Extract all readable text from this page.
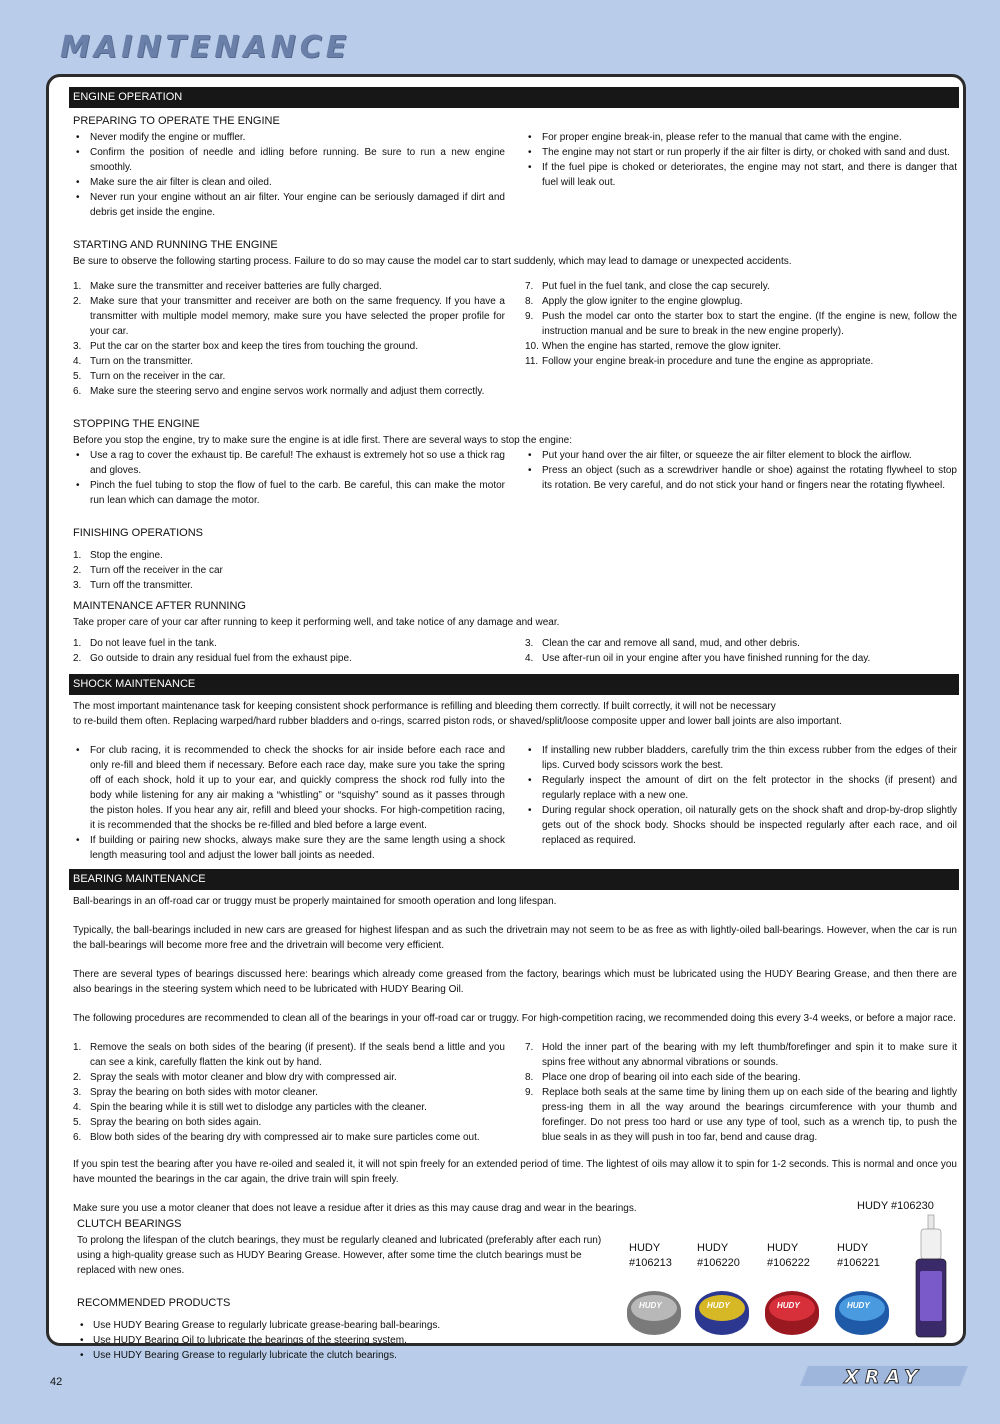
MAINTENANCE
ENGINE OPERATION
PREPARING TO OPERATE THE ENGINE
• Never modify the engine or muffler.
• Confirm the position of needle and idling before running. Be sure to run a new engine smoothly.
• Make sure the air filter is clean and oiled.
• Never run your engine without an air filter. Your engine can be seriously damaged if dirt and debris get inside the engine.
• For proper engine break-in, please refer to the manual that came with the engine.
• The engine may not start or run properly if the air filter is dirty, or choked with sand and dust.
• If the fuel pipe is choked or deteriorates, the engine may not start, and there is danger that fuel will leak out.
STARTING AND RUNNING THE ENGINE

Be sure to observe the following starting process. Failure to do so may cause the model car to start suddenly, which may lead to damage or unexpected accidents.

1. Make sure the transmitter and receiver batteries are fully charged.
2. Make sure that your transmitter and receiver are both on the same frequency. If you have a transmitter with multiple model memory, make sure you have selected the proper profile for your car.
3. Put the car on the starter box and keep the tires from touching the ground.
4. Turn on the transmitter.
5. Turn on the receiver in the car.
6. Make sure the steering servo and engine servos work normally and adjust them correctly.
7. Put fuel in the fuel tank, and close the cap securely.
8. Apply the glow igniter to the engine glowplug.
9. Push the model car onto the starter box to start the engine. (If the engine is new, follow the instruction manual and be sure to break in the new engine properly).
10. When the engine has started, remove the glow igniter.
11. Follow your engine break-in procedure and tune the engine as appropriate.
STOPPING THE ENGINE

Before you stop the engine, try to make sure the engine is at idle first. There are several ways to stop the engine:

• Use a rag to cover the exhaust tip. Be careful! The exhaust is extremely hot so use a thick rag and gloves.
• Pinch the fuel tubing to stop the flow of fuel to the carb. Be careful, this can make the motor run lean which can damage the motor.
• Put your hand over the air filter, or squeeze the air filter element to block the airflow.
• Press an object (such as a screwdriver handle or shoe) against the rotating flywheel to stop its rotation. Be very careful, and do not stick your hand or fingers near the rotating flywheel.
FINISHING OPERATIONS
1. Stop the engine.
2. Turn off the receiver in the car
3. Turn off the transmitter.
MAINTENANCE AFTER RUNNING

Take proper care of your car after running to keep it performing well, and take notice of any damage and wear.

1. Do not leave fuel in the tank.
2. Go outside to drain any residual fuel from the exhaust pipe.
3. Clean the car and remove all sand, mud, and other debris.
4. Use after-run oil in your engine after you have finished running for the day.
SHOCK MAINTENANCE

The most important maintenance task for keeping consistent shock performance is refilling and bleeding them correctly. If built correctly, it will not be necessary

to re-build them often. Replacing warped/hard rubber bladders and o-rings, scarred piston rods, or shaved/split/loose composite upper and lower ball joints are also important.

• For club racing, it is recommended to check the shocks for air inside before each race and only re-fill and bleed them if necessary. Before each race day, make sure you take the spring off of each shock, hold it up to your ear, and quickly compress the shock rod fully into the body while listening for any air making a “whistling” or “squishy” sound as it passes through the piston holes. If you hear any air, refill and bleed your shocks. For high-competition racing, it is recommended that the shocks be re-filled and bled before a large event.
• If building or pairing new shocks, always make sure they are the same length using a shock length measuring tool and adjust the lower ball joints as needed.
• If installing new rubber bladders, carefully trim the thin excess rubber from the edges of their lips. Curved body scissors work the best.
• Regularly inspect the amount of dirt on the felt protector in the shocks (if present) and regularly replace with a new one.
• During regular shock operation, oil naturally gets on the shock shaft and drop-by-drop slightly gets out of the shock body. Shocks should be inspected regularly after each race, and oil replaced as required.
BEARING MAINTENANCE

Ball-bearings in an off-road car or truggy must be properly maintained for smooth operation and long lifespan.

Typically, the ball-bearings included in new cars are greased for highest lifespan and as such the drivetrain may not seem to be as free as with lightly-oiled ball-bearings. However, when the car is run the ball-bearings will become more free and the drivetrain will become very efficient.

There are several types of bearings discussed here: bearings which already come greased from the factory, bearings which must be lubricated using the HUDY Bearing Grease, and then there are also bearings in the steering system which need to be lubricated with HUDY Bearing Oil.

The following procedures are recommended to clean all of the bearings in your off-road car or truggy. For high-competition racing, we recommended doing this every 3-4 weeks, or before a major race.

1. Remove the seals on both sides of the bearing (if present). If the seals bend a little and you can see a kink, carefully flatten the kink out by hand.
2. Spray the seals with motor cleaner and blow dry with compressed air.
3. Spray the bearing on both sides with motor cleaner.
4. Spin the bearing while it is still wet to dislodge any particles with the cleaner.
5. Spray the bearing on both sides again.
6. Blow both sides of the bearing dry with compressed air to make sure particles come out.
7. Hold the inner part of the bearing with my left thumb/forefinger and spin it to make sure it spins free without any abnormal vibrations or sounds.
8. Place one drop of bearing oil into each side of the bearing.
9. Replace both seals at the same time by lining them up on each side of the bearing and lightly press-ing them in all the way around the bearings circumference with your thumb and forefinger. Do not press too hard or use any type of tool, such as a wrench tip, to push the blue seals in as they will push in too far, bend and cause drag.

If you spin test the bearing after you have re-oiled and sealed it, it will not spin freely for an extended period of time. The lightest of oils may allow it to spin for 1-2 seconds. This is normal and once you have mounted the bearings in the car again, the drive train will spin freely.

Make sure you use a motor cleaner that does not leave a residue after it dries as this may cause drag and wear in the bearings.

CLUTCH BEARINGS

To prolong the lifespan of the clutch bearings, they must be regularly cleaned and lubricated (preferably after each run) using a high-quality grease such as HUDY Bearing Grease. However, after some time the clutch bearings must be replaced with new ones.

RECOMMENDED PRODUCTS
• Use HUDY Bearing Grease to regularly lubricate grease-bearing ball-bearings.
• Use HUDY Bearing Oil to lubricate the bearings of the steering system.
• Use HUDY Bearing Grease to regularly lubricate the clutch bearings.
HUDY #106230
HUDY
#106213
HUDY
#106220
HUDY
#106222
HUDY
#106221
HUDY	HUDY	HUDY	HUDY
42	XRAY
